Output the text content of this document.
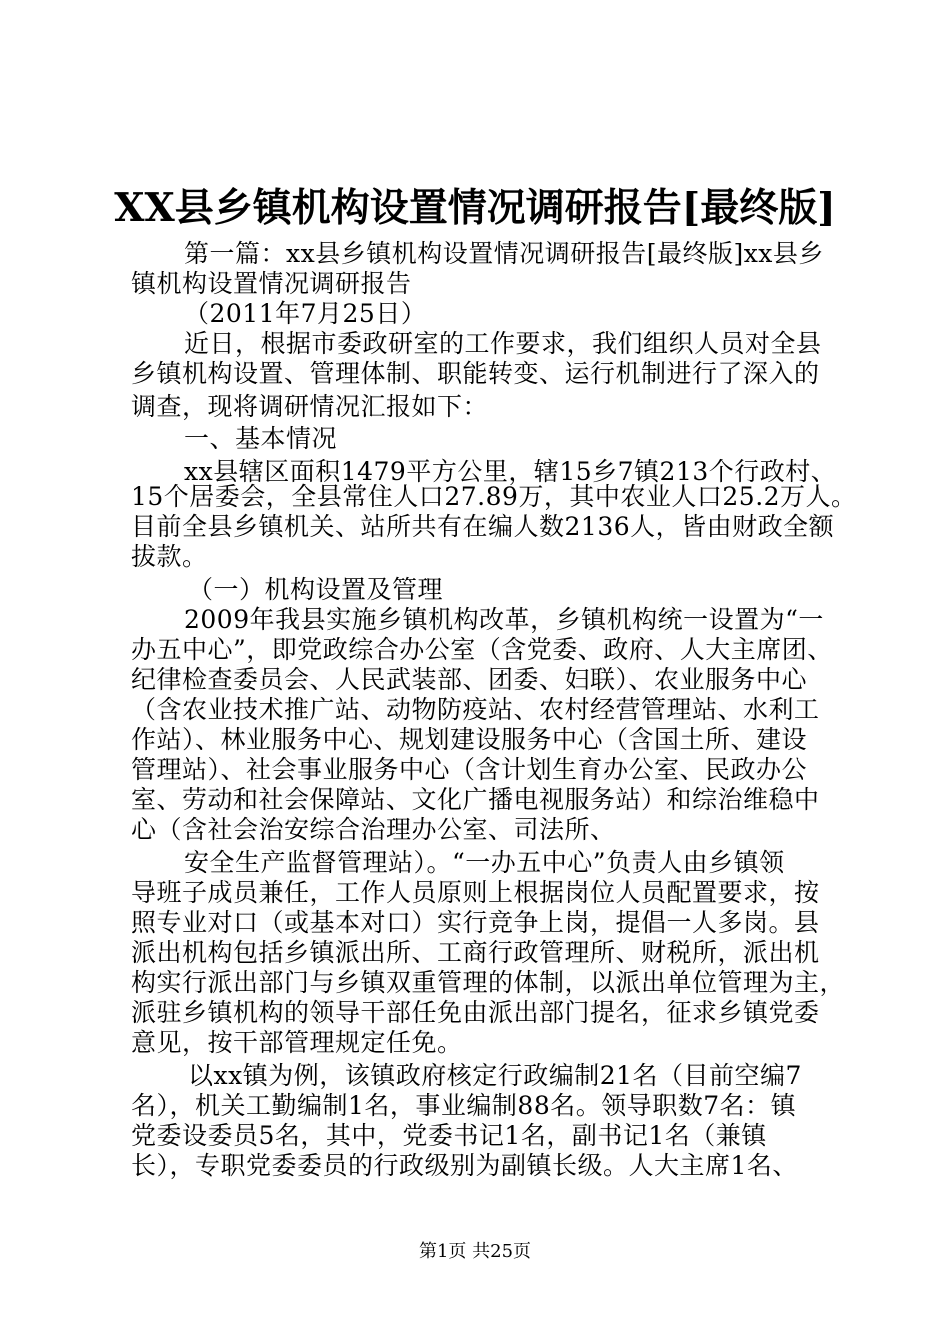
XX县乡镇机构设置情况调研报告[最终版]
第一篇：xx县乡镇机构设置情况调研报告[最终版]xx县乡
镇机构设置情况调研报告
（2011年7月25日）
近日，根据市委政研室的工作要求，我们组织人员对全县
乡镇机构设置、管理体制、职能转变、运行机制进行了深入的
调查，现将调研情况汇报如下：
一、基本情况
xx县辖区面积1479平方公里，辖15乡7镇213个行政村、
15个居委会，全县常住人口27.89万，其中农业人口25.2万人。
目前全县乡镇机关、站所共有在编人数2136人，皆由财政全额
拔款。
（一）机构设置及管理
2009年我县实施乡镇机构改革，乡镇机构统一设置为“一
办五中心”，即党政综合办公室（含党委、政府、人大主席团、
纪律检查委员会、人民武装部、团委、妇联）、农业服务中心
（含农业技术推广站、动物防疫站、农村经营管理站、水利工
作站）、林业服务中心、规划建设服务中心（含国土所、建设
管理站）、社会事业服务中心（含计划生育办公室、民政办公
室、劳动和社会保障站、文化广播电视服务站）和综治维稳中
心（含社会治安综合治理办公室、司法所、
安全生产监督管理站）。“一办五中心”负责人由乡镇领
导班子成员兼任，工作人员原则上根据岗位人员配置要求，按
照专业对口（或基本对口）实行竞争上岗，提倡一人多岗。县
派出机构包括乡镇派出所、工商行政管理所、财税所，派出机
构实行派出部门与乡镇双重管理的体制，以派出单位管理为主，
派驻乡镇机构的领导干部任免由派出部门提名，征求乡镇党委
意见，按干部管理规定任免。
以xx镇为例，该镇政府核定行政编制21名（目前空编7
名），机关工勤编制1名，事业编制88名。领导职数7名：镇
党委设委员5名，其中，党委书记1名，副书记1名（兼镇
长），专职党委委员的行政级别为副镇长级。人大主席1名、
第1页 共25页
